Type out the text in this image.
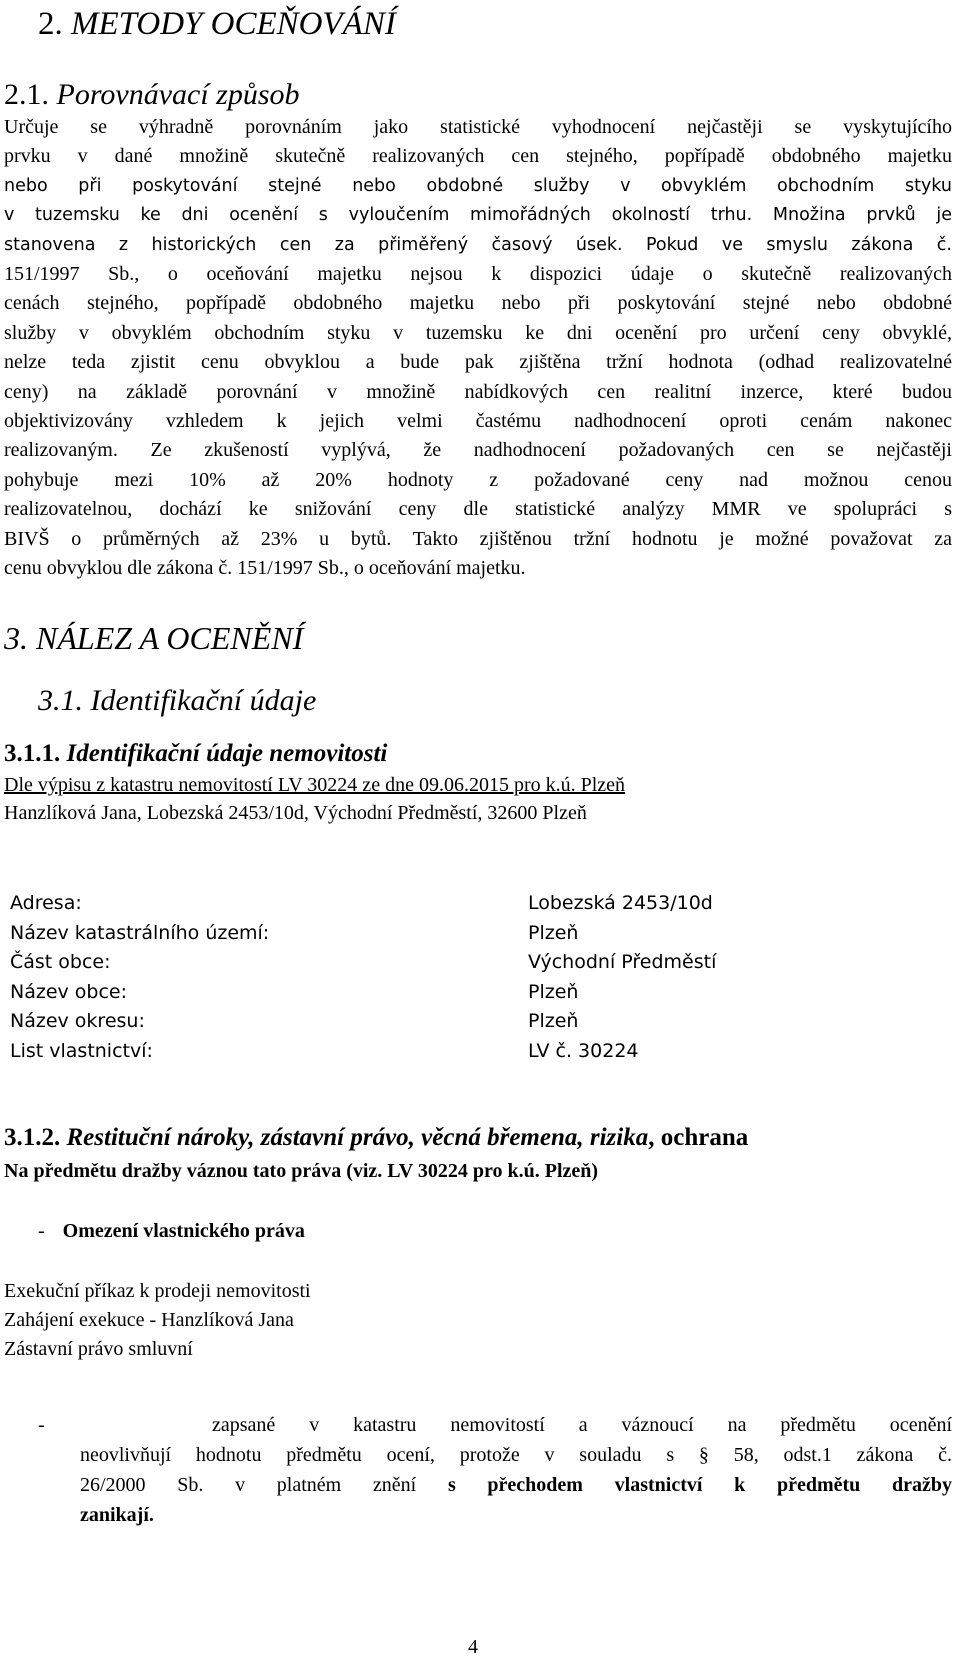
2. METODY OCEŇOVÁNÍ
2.1. Porovnávací způsob
Určuje se výhradně porovnáním jako statistické vyhodnocení nejčastěji se vyskytujícího
prvku v dané množině skutečně realizovaných cen stejného, popřípadě obdobného majetku
nebo při poskytování stejné nebo obdobné služby v obvyklém obchodním styku
v tuzemsku ke dni ocenění s vyloučením mimořádných okolností trhu. Množina prvků je
stanovena z historických cen za přiměřený časový úsek. Pokud ve smyslu zákona č.
151/1997 Sb., o oceňování majetku nejsou k dispozici údaje o skutečně realizovaných
cenách stejného, popřípadě obdobného majetku nebo při poskytování stejné nebo obdobné
služby v obvyklém obchodním styku v tuzemsku ke dni ocenění pro určení ceny obvyklé,
nelze teda zjistit cenu obvyklou a bude pak zjištěna tržní hodnota (odhad realizovatelné
ceny) na základě porovnání v množině nabídkových cen realitní inzerce, které budou
objektivizovány vzhledem k jejich velmi častému nadhodnocení oproti cenám nakonec
realizovaným. Ze zkušeností vyplývá, že nadhodnocení požadovaných cen se nejčastěji
pohybuje mezi 10% až 20% hodnoty z požadované ceny nad možnou cenou
realizovatelnou, dochází ke snižování ceny dle statistické analýzy MMR ve spolupráci s
BIVŠ o průměrných až 23% u bytů. Takto zjištěnou tržní hodnotu je možné považovat za
cenu obvyklou dle zákona č. 151/1997 Sb., o oceňování majetku.
3. NÁLEZ A OCENĚNÍ
3.1. Identifikační údaje
3.1.1. Identifikační údaje nemovitosti
Dle výpisu z katastru nemovitostí LV 30224 ze dne 09.06.2015 pro k.ú. Plzeň
Hanzlíková Jana, Lobezská 2453/10d, Východní Předměstí, 32600 Plzeň
Adresa:	Lobezská 2453/10d
Název katastrálního území:	Plzeň
Část obce:	Východní Předměstí
Název obce:	Plzeň
Název okresu:	Plzeň
List vlastnictví:	LV č. 30224
3.1.2. Restituční nároky, zástavní právo, věcná břemena, rizika, ochrana
Na předmětu dražby váznou tato práva (viz. LV 30224 pro k.ú. Plzeň)
- Omezení vlastnického práva
Exekuční příkaz k prodeji nemovitosti
Zahájení exekuce - Hanzlíková Jana
Zástavní právo smluvní
-	zapsané v katastru nemovitostí a váznoucí na předmětu ocenění
neovlivňují hodnotu předmětu ocení, protože v souladu s § 58, odst.1 zákona č.
26/2000 Sb. v platném znění s přechodem vlastnictví k předmětu dražby
zanikají.
4
